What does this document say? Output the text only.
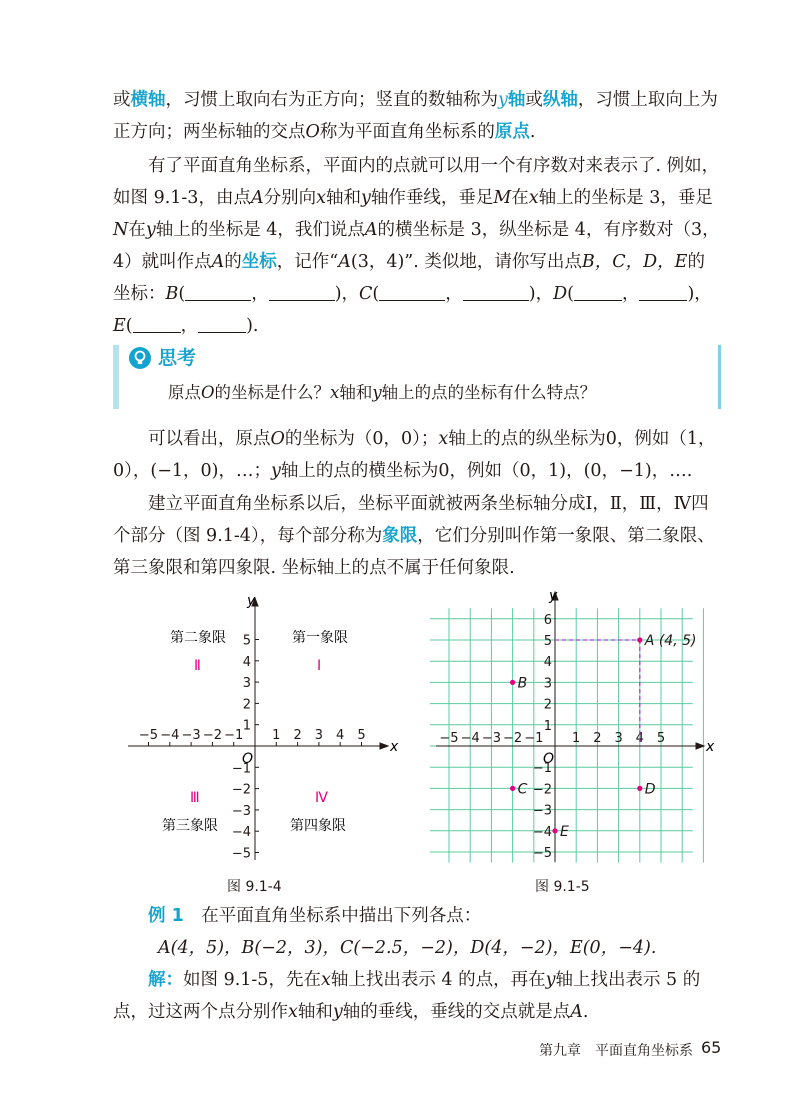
或横轴，习惯上取向右为正方向；竖直的数轴称为y轴或纵轴，习惯上取向上为正方向；两坐标轴的交点O称为平面直角坐标系的原点.

有了平面直角坐标系，平面内的点就可以用一个有序数对来表示了. 例如，如图 9.1-3，由点A分别向x轴和y轴作垂线，垂足M在x轴上的坐标是 3，垂足N在y轴上的坐标是 4，我们说点A的横坐标是 3，纵坐标是 4，有序数对（3，4）就叫作点A的坐标，记作“A(3，4)”. 类似地，请你写出点B，C，D，E的坐标：B(	，	)，C(	，	)，D(	，	)，E(	，	).

思考
原点O的坐标是什么？x轴和y轴上的点的坐标有什么特点？

可以看出，原点O的坐标为（0，0）；x轴上的点的纵坐标为0，例如（1，0），(−1，0)，…；y轴上的点的横坐标为0，例如（0，1)，(0，−1)，….

建立平面直角坐标系以后，坐标平面就被两条坐标轴分成Ⅰ，Ⅱ，Ⅲ，Ⅳ四个部分（图 9.1-4），每个部分称为象限，它们分别叫作第一象限、第二象限、第三象限和第四象限. 坐标轴上的点不属于任何象限.

−5 −4 −3 −2 −1 1 2 3 4 5
−5
−4
−3
−2
−1
1
2
3
4
5
x
y
O
第一象限
第二象限
第三象限	第四象限
Ⅰ
Ⅱ
Ⅲ	Ⅳ
图 9.1-4
−5 −4 −3 −2 −1 1 2 3 4 5
−5
−4
−3
−2
−1
1
2
3
4
5
6
A (4, 5)
B
C	D
E
x
y
O
图 9.1-5

例 1　 在平面直角坐标系中描出下列各点：

A(4，5)，B(−2，3)，C(−2.5，−2)，D(4，−2)，E(0，−4).

解：如图 9.1-5，先在x轴上找出表示 4 的点，再在y轴上找出表示 5 的点，过这两个点分别作x轴和y轴的垂线，垂线的交点就是点A.

第九章　平面直角坐标系 65
